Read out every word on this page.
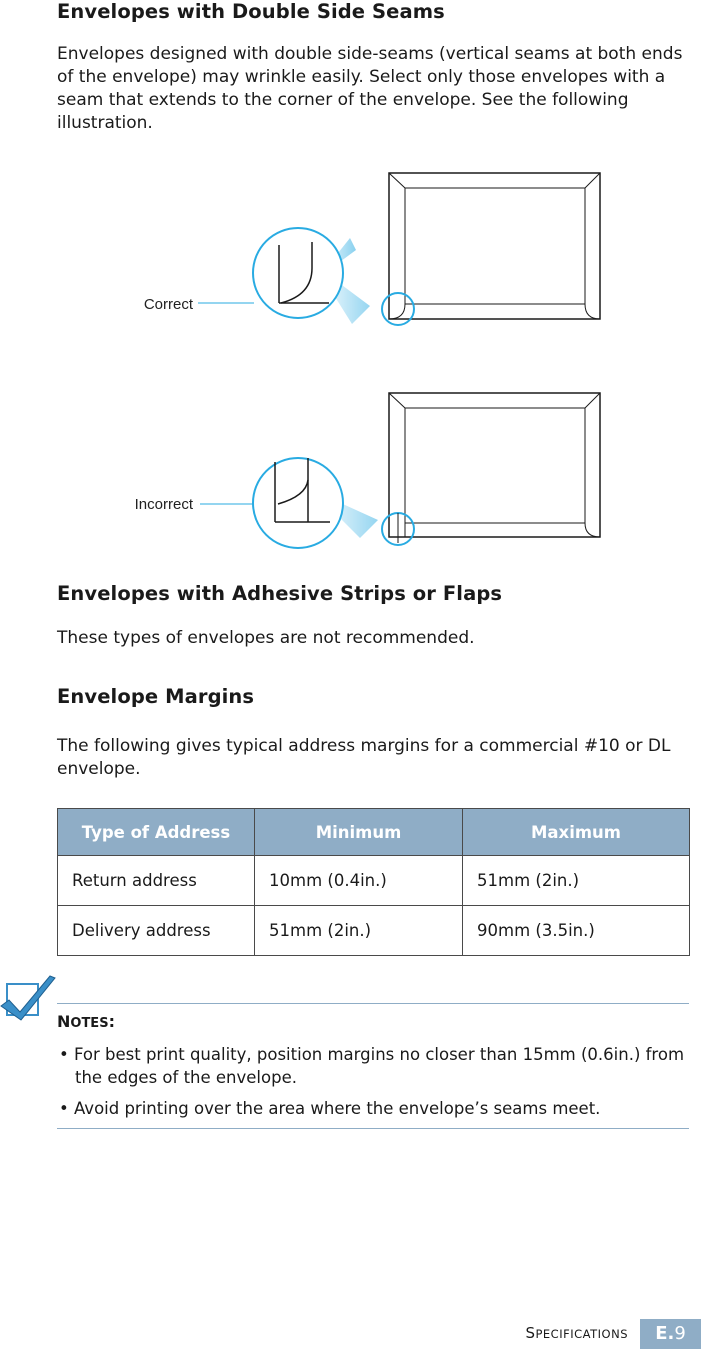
Envelopes with Double Side Seams

Envelopes designed with double side-seams (vertical seams at both ends of the envelope) may wrinkle easily. Select only those envelopes with a seam that extends to the corner of the envelope. See the following illustration.

Correct
Incorrect
Envelopes with Adhesive Strips or Flaps

These types of envelopes are not recommended.

Envelope Margins

The following gives typical address margins for a commercial #10 or DL envelope.

Type of Address	Minimum	Maximum
Return address	10mm (0.4in.)	51mm (2in.)
Delivery address	51mm (2in.)	90mm (3.5in.)
NOTES:
• For best print quality, position margins no closer than 15mm (0.6in.) from the edges of the envelope.
• Avoid printing over the area where the envelope’s seams meet.
SPECIFICATIONS	E.9
